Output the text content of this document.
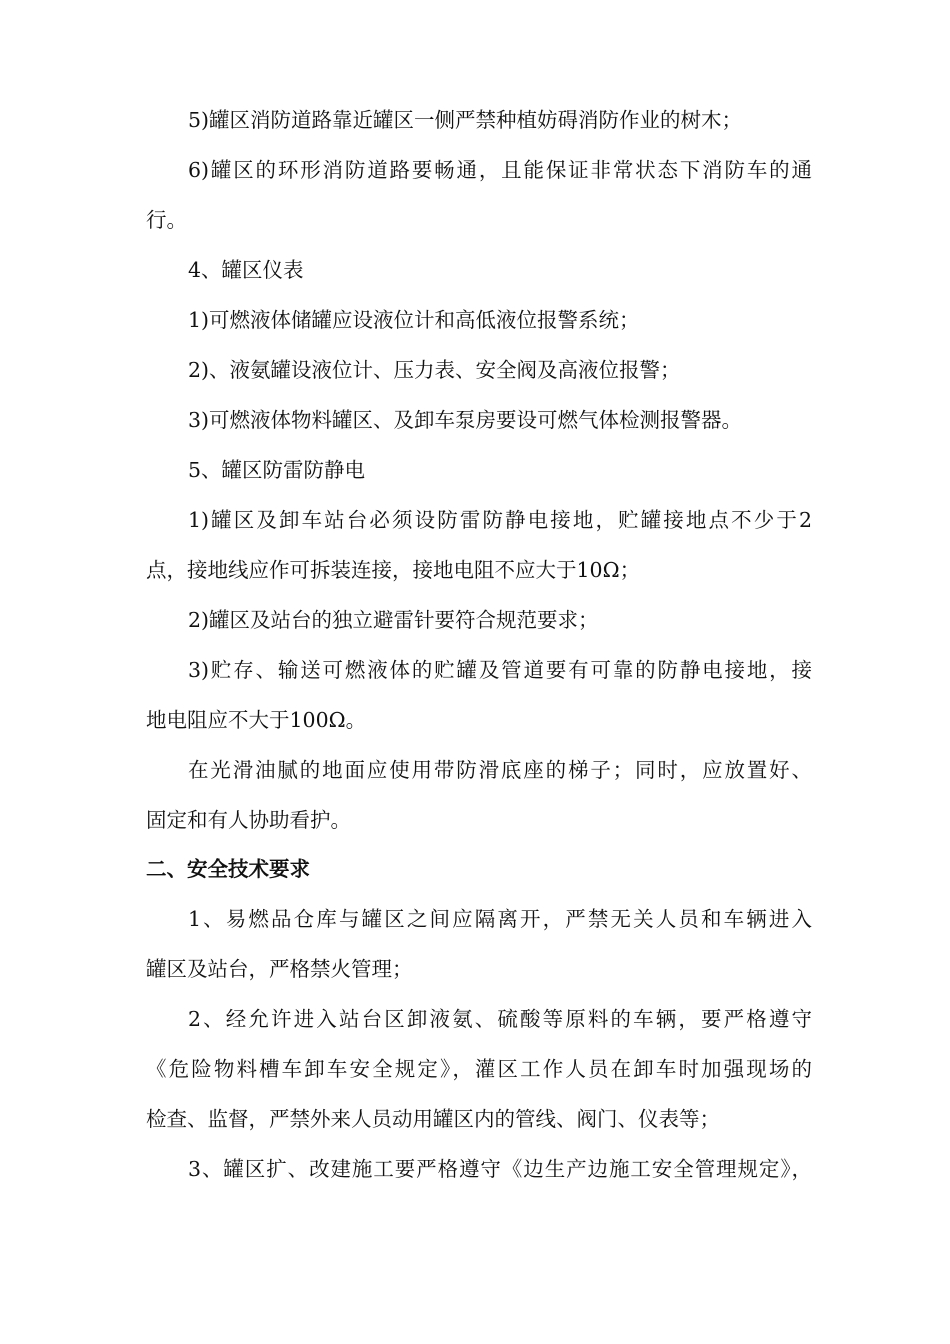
5)罐区消防道路靠近罐区一侧严禁种植妨碍消防作业的树木；
6)罐区的环形消防道路要畅通，且能保证非常状态下消防车的通
行。
4、罐区仪表
1)可燃液体储罐应设液位计和高低液位报警系统；
2)、液氨罐设液位计、压力表、安全阀及高液位报警；
3)可燃液体物料罐区、及卸车泵房要设可燃气体检测报警器。
5、罐区防雷防静电
1)罐区及卸车站台必须设防雷防静电接地，贮罐接地点不少于2
点，接地线应作可拆装连接，接地电阻不应大于10Ω；
2)罐区及站台的独立避雷针要符合规范要求；
3)贮存、输送可燃液体的贮罐及管道要有可靠的防静电接地，接
地电阻应不大于100Ω。
在光滑油腻的地面应使用带防滑底座的梯子；同时，应放置好、
固定和有人协助看护。
二、安全技术要求
1、易燃品仓库与罐区之间应隔离开，严禁无关人员和车辆进入
罐区及站台，严格禁火管理；
2、经允许进入站台区卸液氨、硫酸等原料的车辆，要严格遵守
《危险物料槽车卸车安全规定》，灌区工作人员在卸车时加强现场的
检查、监督，严禁外来人员动用罐区内的管线、阀门、仪表等；
3、罐区扩、改建施工要严格遵守《边生产边施工安全管理规定》，
